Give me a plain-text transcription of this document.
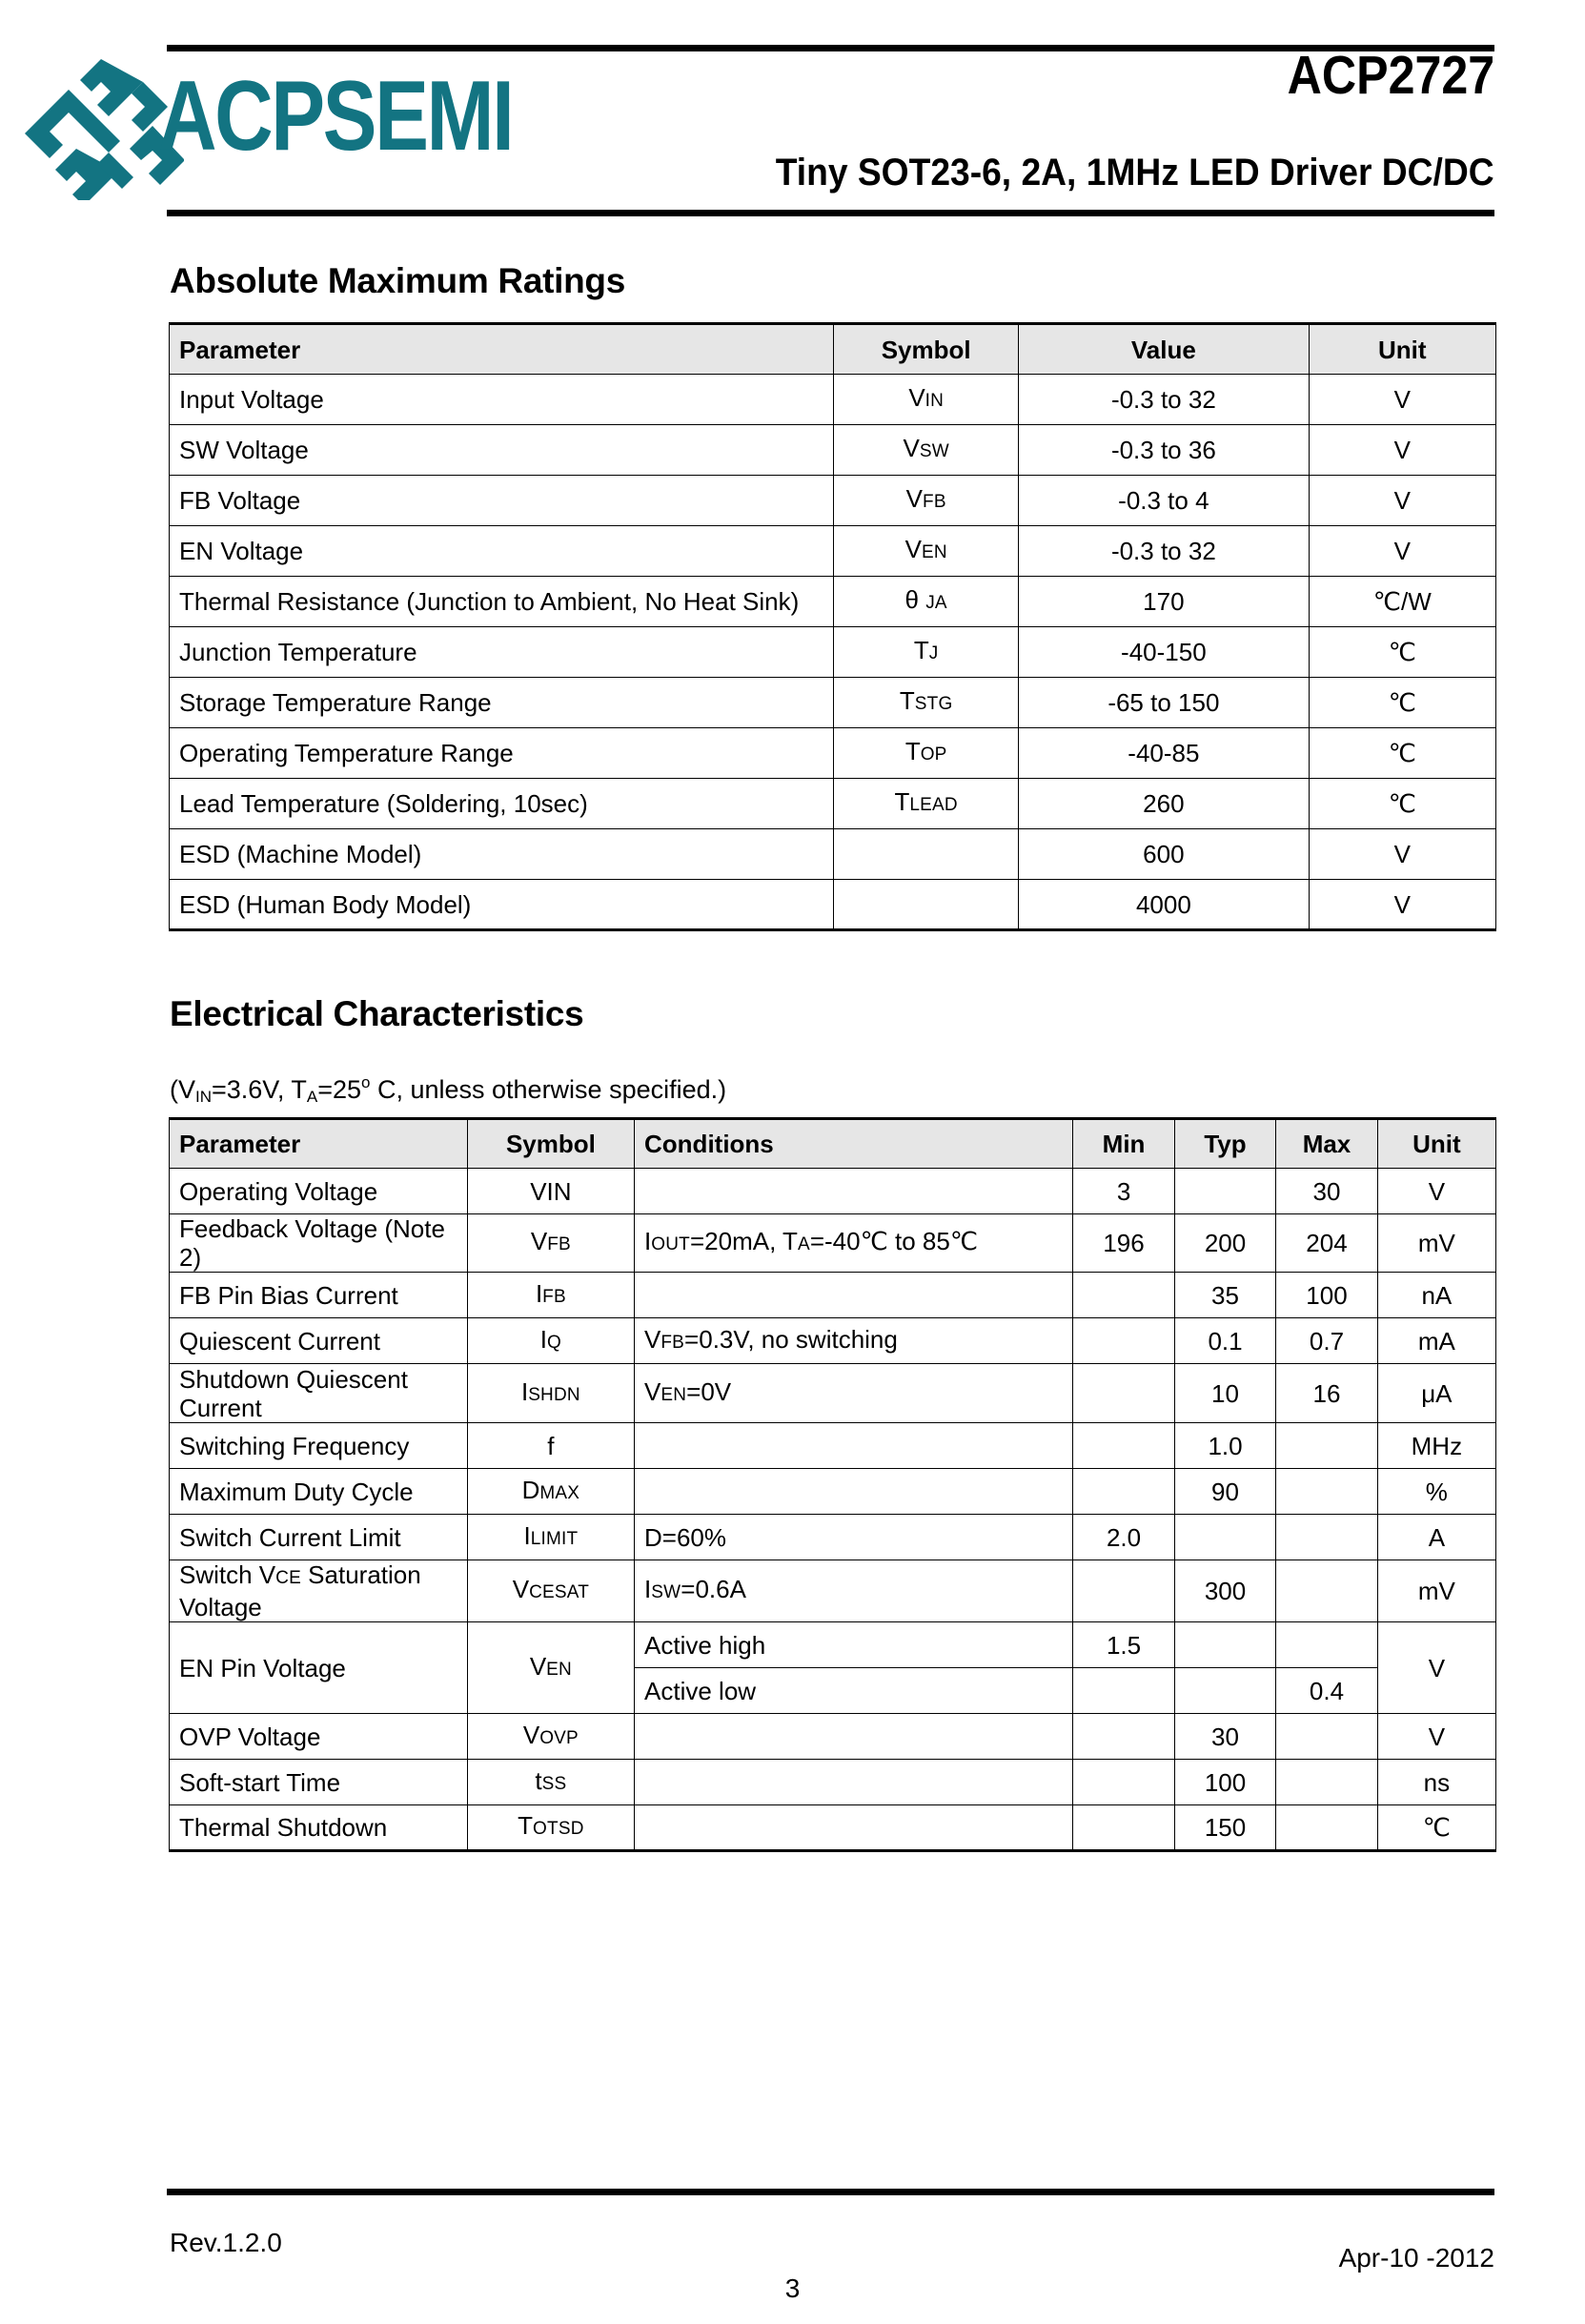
ACPSEMI	ACP2727
Tiny SOT23-6, 2A, 1MHz LED Driver DC/DC
Absolute Maximum Ratings
Parameter	Symbol	Value	Unit
Input Voltage	VIN	-0.3 to 32	V
SW Voltage	VSW	-0.3 to 36	V
FB Voltage	VFB	-0.3 to 4	V
EN Voltage	VEN	-0.3 to 32	V
Thermal Resistance (Junction to Ambient, No Heat Sink)	θ JA	170	℃/W
Junction Temperature	TJ	-40-150	℃
Storage Temperature Range	TSTG	-65 to 150	℃
Operating Temperature Range	TOP	-40-85	℃
Lead Temperature (Soldering, 10sec)	TLEAD	260	℃
ESD (Machine Model)		600	V
ESD (Human Body Model)		4000	V
Electrical Characteristics
($V_{IN}=3.6V$, $T_A=25^o$ C, unless otherwise specified.)
Parameter	Symbol	Conditions	Min	Typ	Max	Unit
Operating Voltage	VIN		3		30	V
Feedback Voltage (Note 2)	VFB	IOUT=20mA, TA=-40℃ to 85℃	196	200	204	mV
FB Pin Bias Current	IFB			35	100	nA
Quiescent Current	IQ	VFB=0.3V, no switching		0.1	0.7	mA
Shutdown Quiescent Current	ISHDN	VEN=0V		10	16	μA
Switching Frequency	f			1.0		MHz
Maximum Duty Cycle	DMAX			90		%
Switch Current Limit	ILIMIT	D=60%	2.0			A
Switch VCE Saturation Voltage	VCESAT	ISW=0.6A		300		mV
EN Pin Voltage	VEN	Active high	1.5			V
		Active low			0.4	
OVP Voltage	VOVP			30		V
Soft-start Time	tSS			100		ns
Thermal Shutdown	TOTSD			150		℃
Rev.1.2.0
Apr-10 -2012
3
